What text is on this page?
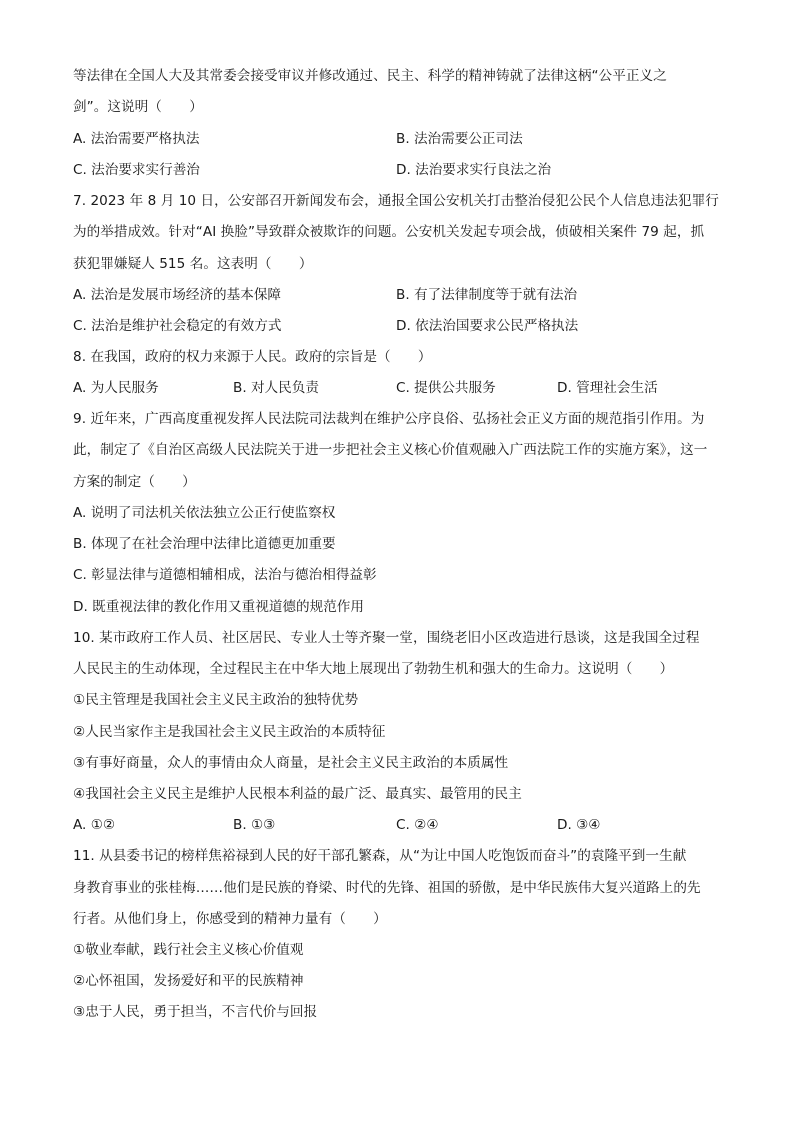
等法律在全国人大及其常委会接受审议并修改通过、民主、科学的精神铸就了法律这柄“公平正义之
剑”。这说明（　　）
A. 法治需要严格执法	B. 法治需要公正司法
C. 法治要求实行善治	D. 法治要求实行良法之治
7. 2023 年 8 月 10 日，公安部召开新闻发布会，通报全国公安机关打击整治侵犯公民个人信息违法犯罪行
为的举措成效。针对“AI 换脸”导致群众被欺诈的问题。公安机关发起专项会战，侦破相关案件 79 起，抓
获犯罪嫌疑人 515 名。这表明（　　）
A. 法治是发展市场经济的基本保障	B. 有了法律制度等于就有法治
C. 法治是维护社会稳定的有效方式	D. 依法治国要求公民严格执法
8. 在我国，政府的权力来源于人民。政府的宗旨是（　　）
A. 为人民服务	B. 对人民负责	C. 提供公共服务	D. 管理社会生活
9. 近年来，广西高度重视发挥人民法院司法裁判在维护公序良俗、弘扬社会正义方面的规范指引作用。为
此，制定了《自治区高级人民法院关于进一步把社会主义核心价值观融入广西法院工作的实施方案》，这一
方案的制定（　　）
A. 说明了司法机关依法独立公正行使监察权
B. 体现了在社会治理中法律比道德更加重要
C. 彰显法律与道德相辅相成，法治与德治相得益彰
D. 既重视法律的教化作用又重视道德的规范作用
10. 某市政府工作人员、社区居民、专业人士等齐聚一堂，围绕老旧小区改造进行恳谈，这是我国全过程
人民民主的生动体现，全过程民主在中华大地上展现出了勃勃生机和强大的生命力。这说明（　　）
①民主管理是我国社会主义民主政治的独特优势
②人民当家作主是我国社会主义民主政治的本质特征
③有事好商量，众人的事情由众人商量，是社会主义民主政治的本质属性
④我国社会主义民主是维护人民根本利益的最广泛、最真实、最管用的民主
A. ①②	B. ①③	C. ②④	D. ③④
11. 从县委书记的榜样焦裕禄到人民的好干部孔繁森，从“为让中国人吃饱饭而奋斗”的袁隆平到一生献
身教育事业的张桂梅……他们是民族的脊梁、时代的先锋、祖国的骄傲，是中华民族伟大复兴道路上的先
行者。从他们身上，你感受到的精神力量有（　　）
①敬业奉献，践行社会主义核心价值观
②心怀祖国，发扬爱好和平的民族精神
③忠于人民，勇于担当，不言代价与回报
